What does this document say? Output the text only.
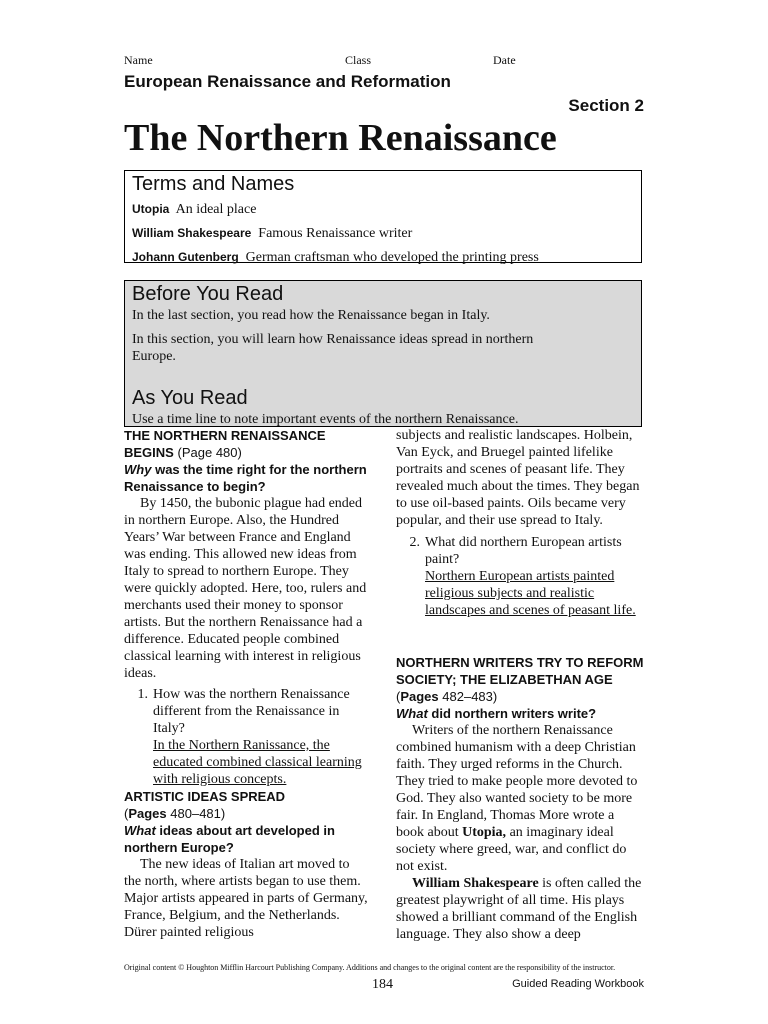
Name	Class	Date
European Renaissance and Reformation
Section 2
The Northern Renaissance
Terms and Names

Utopia An ideal place

William Shakespeare Famous Renaissance writer

Johann Gutenberg German craftsman who developed the printing press

Before You Read

In the last section, you read how the Renaissance began in Italy.

In this section, you will learn how Renaissance ideas spread in northern Europe.

As You Read

Use a time line to note important events of the northern Renaissance.

THE NORTHERN RENAISSANCE BEGINS (Page 480)

Why was the time right for the northern Renaissance to begin?

By 1450, the bubonic plague had ended in northern Europe. Also, the Hundred Years’ War between France and England was ending. This allowed new ideas from Italy to spread to northern Europe. They were quickly adopted. Here, too, rulers and merchants used their money to sponsor artists. But the northern Renaissance had a difference. Educated people combined classical learning with interest in religious ideas.

1. How was the northern Renaissance different from the Renaissance in Italy?

In the Northern Ranissance, the educated combined classical learning with religious concepts.

ARTISTIC IDEAS SPREAD
(Pages 480–481)

What ideas about art developed in northern Europe?

The new ideas of Italian art moved to the north, where artists began to use them. Major artists appeared in parts of Germany, France, Belgium, and the Netherlands. Dürer painted religious

subjects and realistic landscapes. Holbein, Van Eyck, and Bruegel painted lifelike portraits and scenes of peasant life. They revealed much about the times. They began to use oil-based paints. Oils became very popular, and their use spread to Italy.

2. What did northern European artists paint?

Northern European artists painted religious subjects and realistic landscapes and scenes of peasant life.

NORTHERN WRITERS TRY TO REFORM SOCIETY; THE ELIZABETHAN AGE (Pages 482–483)

What did northern writers write?

Writers of the northern Renaissance combined humanism with a deep Christian faith. They urged reforms in the Church. They tried to make people more devoted to God. They also wanted society to be more fair. In England, Thomas More wrote a book about Utopia, an imaginary ideal society where greed, war, and conflict do not exist.

William Shakespeare is often called the greatest playwright of all time. His plays showed a brilliant command of the English language. They also show a deep

Original content © Houghton Mifflin Harcourt Publishing Company. Additions and changes to the original content are the responsibility of the instructor.
184	Guided Reading Workbook
